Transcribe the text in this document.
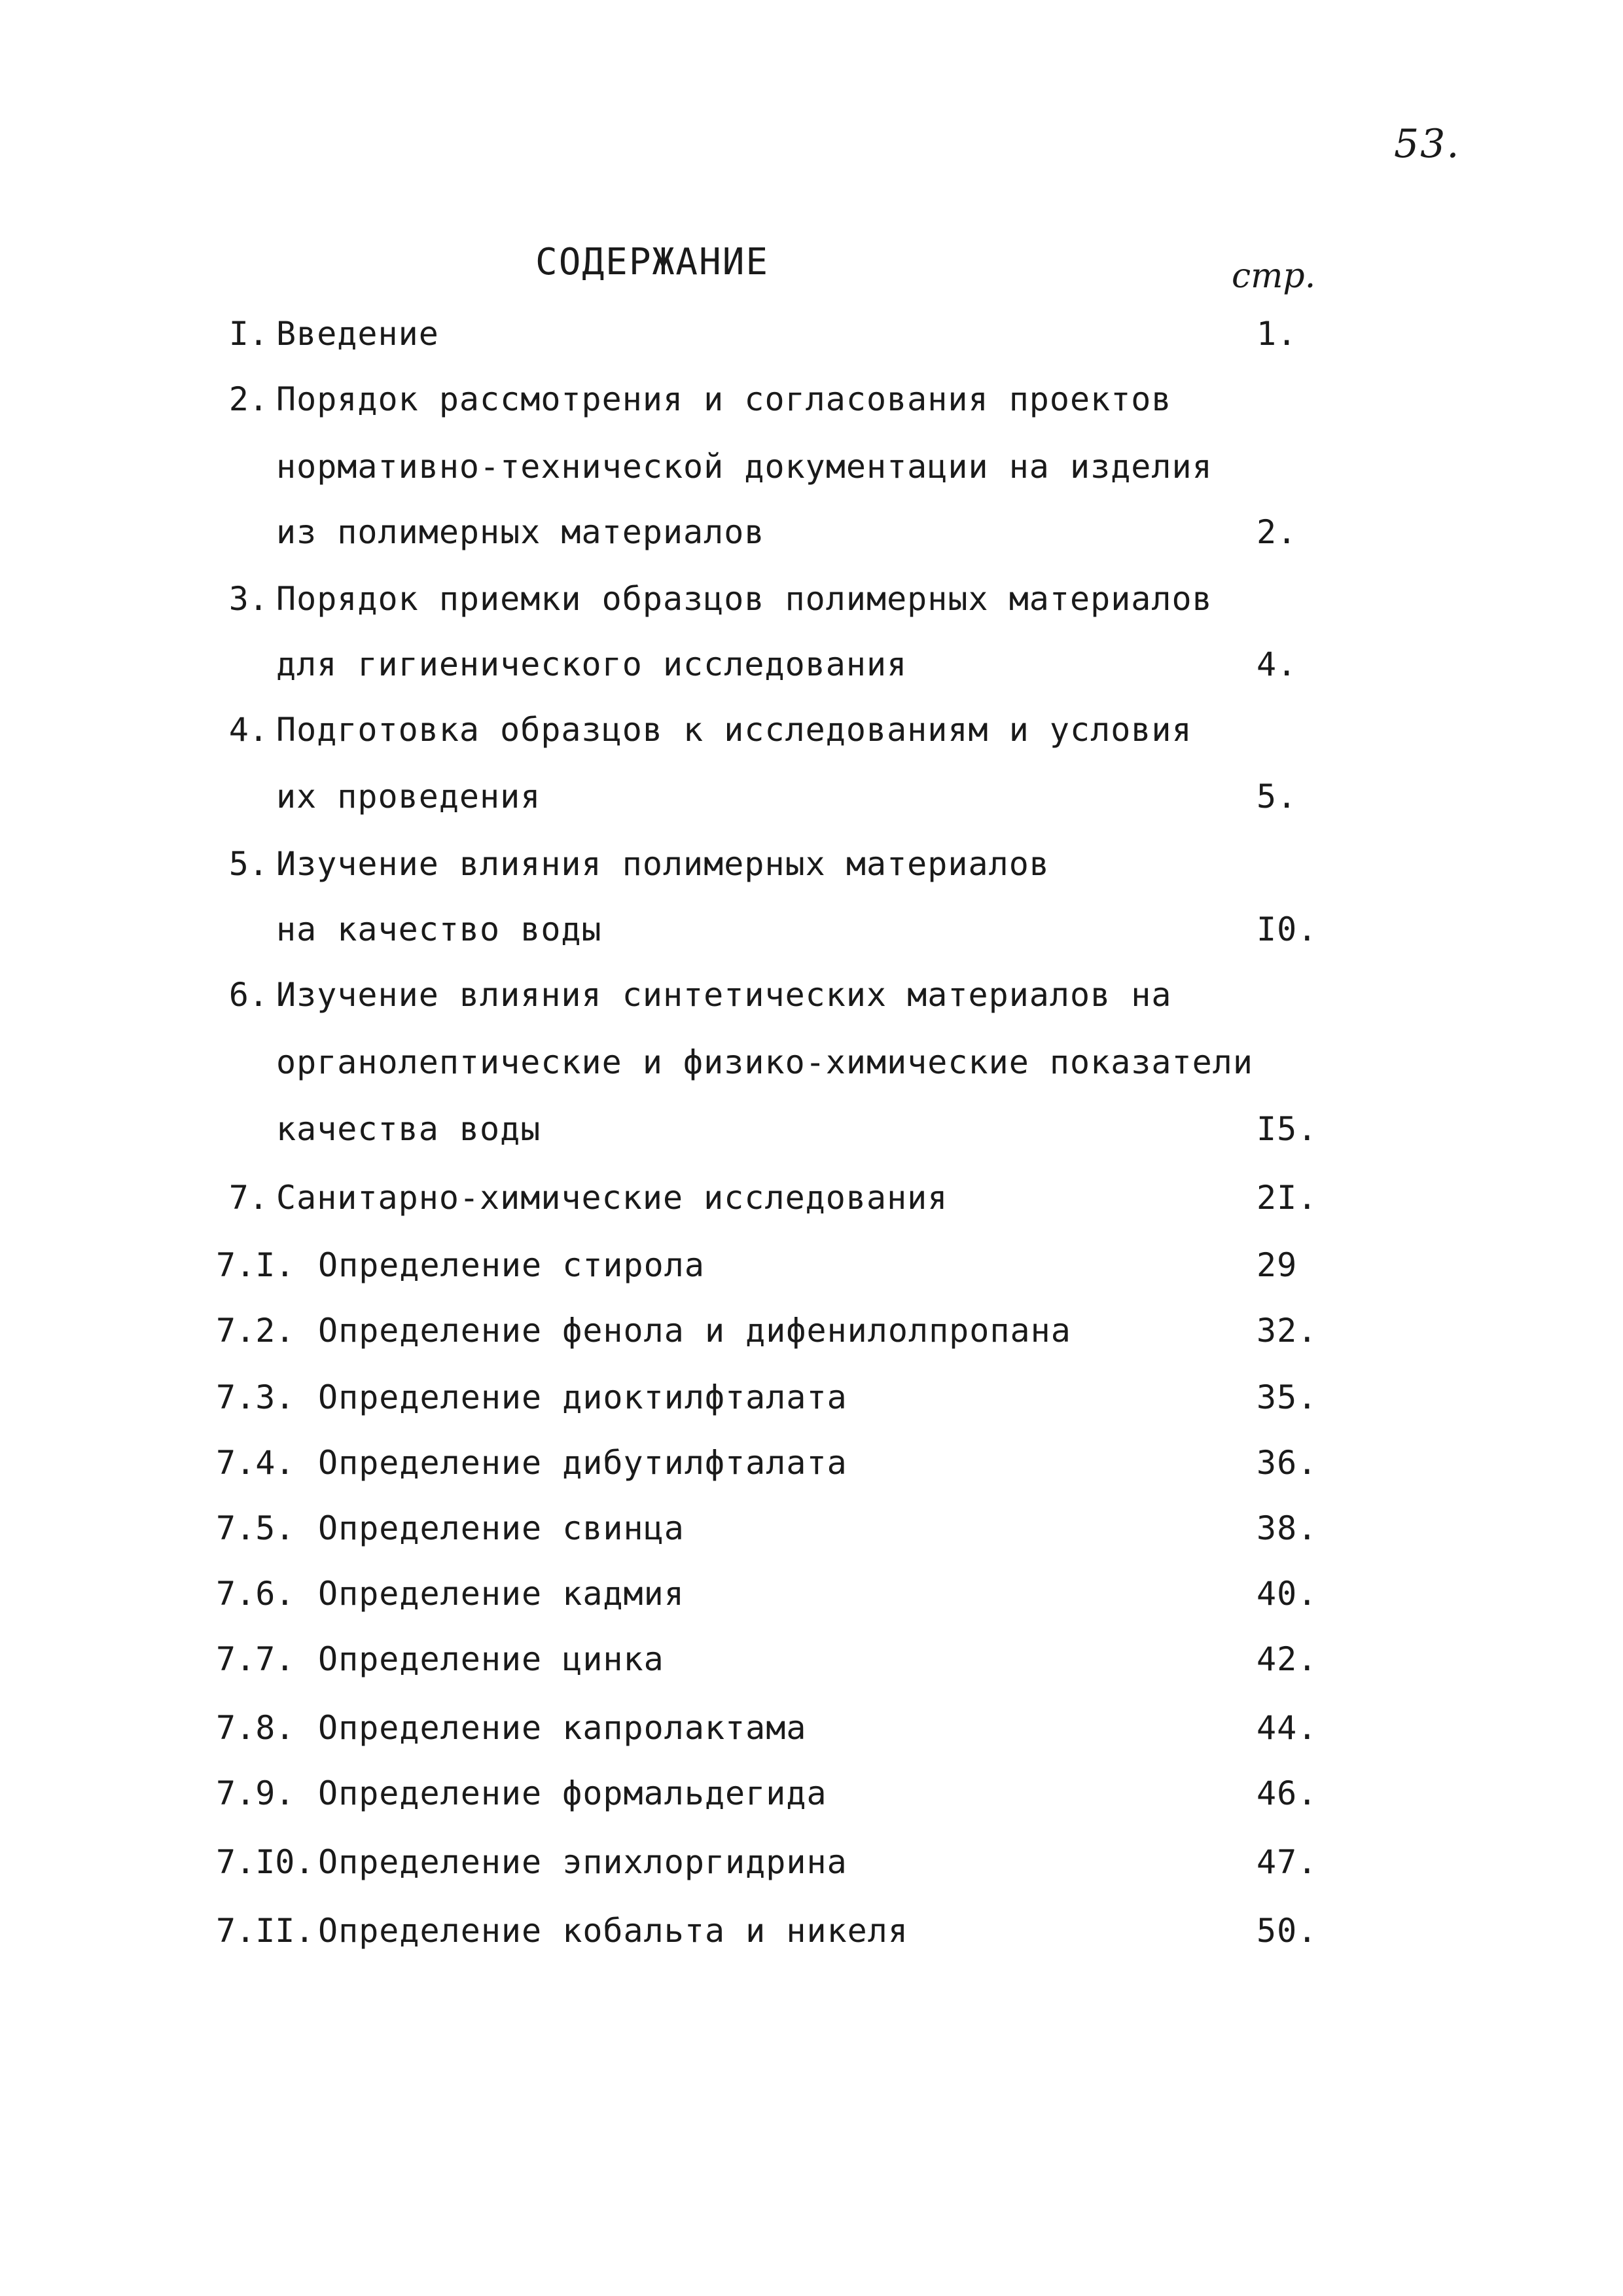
53.
СОДЕРЖАНИЕ	стр.
I. Введение	1.
2. Порядок рассмотрения и согласования проектов
нормативно-технической документации на изделия
из полимерных материалов	2.
3. Порядок приемки образцов полимерных материалов
для гигиенического исследования	4.
4. Подготовка образцов к исследованиям и условия
их проведения	5.
5. Изучение влияния полимерных материалов
на качество воды	I0.
6. Изучение влияния синтетических материалов на
органолептические и физико-химические показатели
качества воды	I5.
7. Санитарно-химические исследования	2I.
7.I. Определение стирола	29
7.2. Определение фенола и дифенилолпропана	32.
7.3. Определение диоктилфталата	35.
7.4. Определение дибутилфталата	36.
7.5. Определение свинца	38.
7.6. Определение кадмия	40.
7.7. Определение цинка	42.
7.8. Определение капролактама	44.
7.9. Определение формальдегида	46.
7.I0. Определение эпихлоргидрина	47.
7.II. Определение кобальта и никеля	50.
